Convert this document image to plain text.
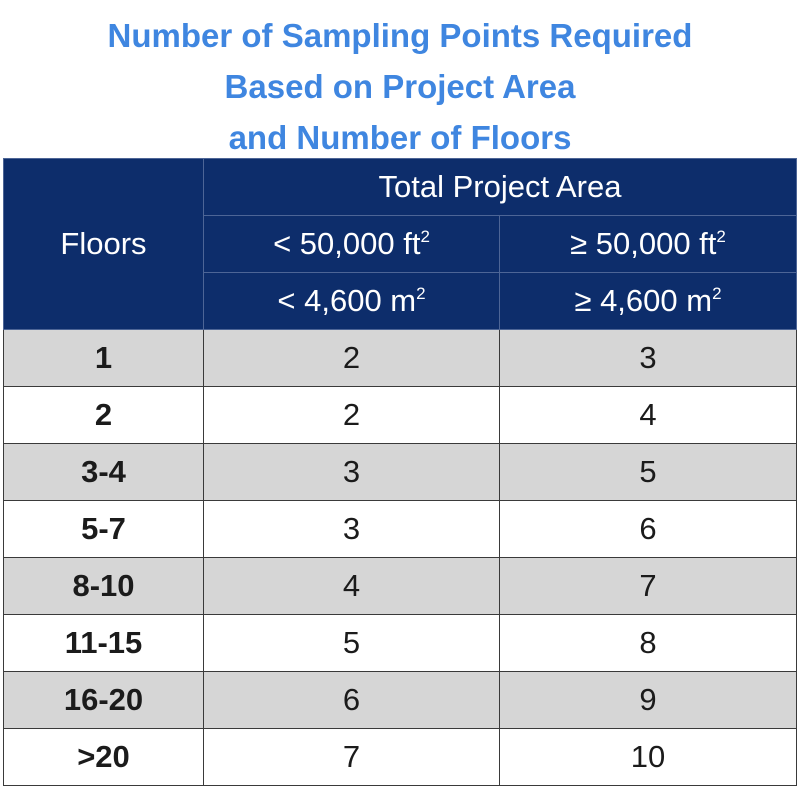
Number of Sampling Points Required
Based on Project Area
and Number of Floors
Floors	Total Project Area	
	< 50,000 $ft^2$	≥ 50,000 $ft^2$
	< 4,600 $m^2$	≥ 4,600 $m^2$
1	2	3
2	2	4
3-4	3	5
5-7	3	6
8-10	4	7
11-15	5	8
16-20	6	9
>20	7	10
